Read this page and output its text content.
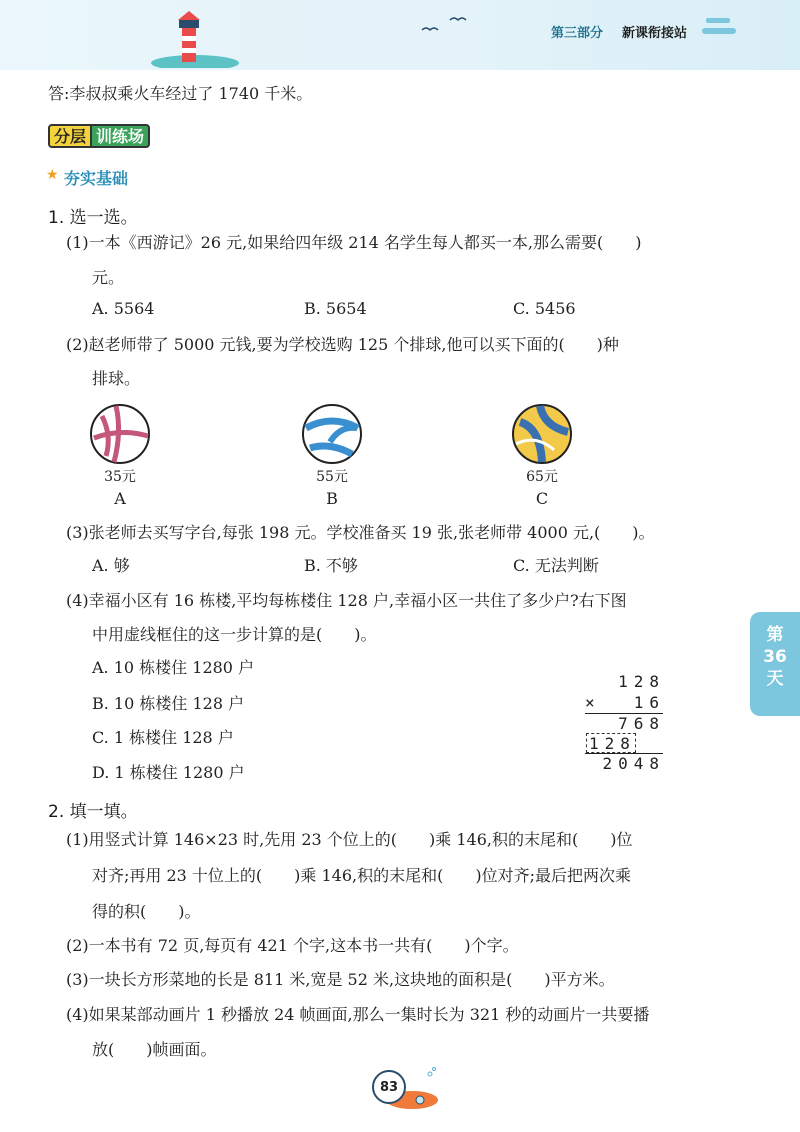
第三部分 新课衔接站
答:李叔叔乘火车经过了 1740 千米。
分层 训练场
★ 夯实基础
1. 选一选。
(1)一本《西游记》26 元,如果给四年级 214 名学生每人都买一本,那么需要(　　)
元。
A. 5564	B. 5654	C. 5456
(2)赵老师带了 5000 元钱,要为学校选购 125 个排球,他可以买下面的(　　)种
排球。
35元
A
55元
B
65元
C
(3)张老师去买写字台,每张 198 元。学校准备买 19 张,张老师带 4000 元,(　　)。
A. 够	B. 不够	C. 无法判断
(4)幸福小区有 16 栋楼,平均每栋楼住 128 户,幸福小区一共住了多少户?右下图
中用虚线框住的这一步计算的是(　　)。
A. 10 栋楼住 1280 户
B. 10 栋楼住 128 户
C. 1 栋楼住 128 户
D. 1 栋楼住 1280 户
128
× 16
768
128
2048
2. 填一填。
(1)用竖式计算 146×23 时,先用 23 个位上的(　　)乘 146,积的末尾和(　　)位
对齐;再用 23 十位上的(　　)乘 146,积的末尾和(　　)位对齐;最后把两次乘
得的积(　　)。
(2)一本书有 72 页,每页有 421 个字,这本书一共有(　　)个字。
(3)一块长方形菜地的长是 811 米,宽是 52 米,这块地的面积是(　　)平方米。
(4)如果某部动画片 1 秒播放 24 帧画面,那么一集时长为 321 秒的动画片一共要播
放(　　)帧画面。
第
36
天
83
